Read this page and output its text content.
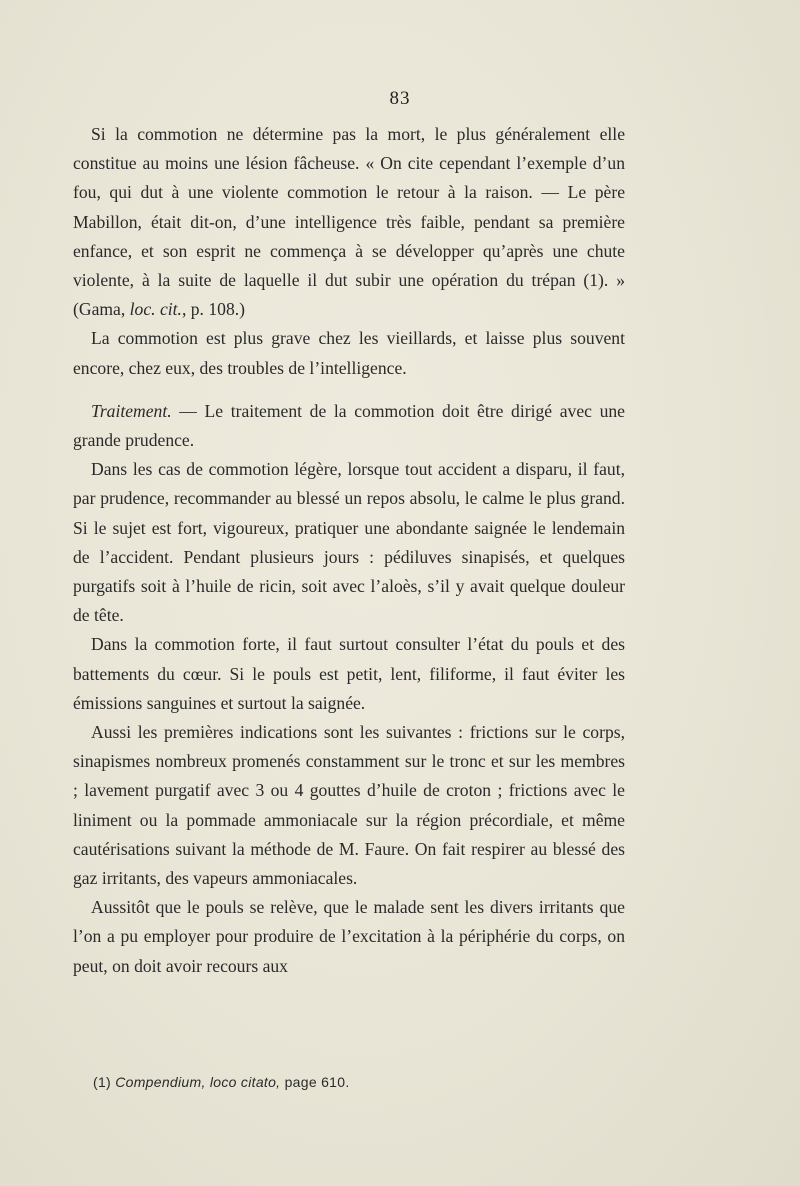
83

Si la commotion ne détermine pas la mort, le plus généralement elle constitue au moins une lésion fâcheuse. « On cite cependant l’exemple d’un fou, qui dut à une violente commotion le retour à la raison. — Le père Mabillon, était dit-on, d’une intelligence très faible, pendant sa première enfance, et son esprit ne commença à se développer qu’après une chute violente, à la suite de laquelle il dut subir une opération du trépan (1). » (Gama, loc. cit., p. 108.)

La commotion est plus grave chez les vieillards, et laisse plus souvent encore, chez eux, des troubles de l’intelligence.

Traitement. — Le traitement de la commotion doit être dirigé avec une grande prudence.

Dans les cas de commotion légère, lorsque tout accident a disparu, il faut, par prudence, recommander au blessé un repos absolu, le calme le plus grand. Si le sujet est fort, vigoureux, pratiquer une abondante saignée le lendemain de l’accident. Pendant plusieurs jours : pédiluves sinapisés, et quelques purgatifs soit à l’huile de ricin, soit avec l’aloès, s’il y avait quelque douleur de tête.

Dans la commotion forte, il faut surtout consulter l’état du pouls et des battements du cœur. Si le pouls est petit, lent, filiforme, il faut éviter les émissions sanguines et surtout la saignée.

Aussi les premières indications sont les suivantes : frictions sur le corps, sinapismes nombreux promenés constamment sur le tronc et sur les membres ; lavement purgatif avec 3 ou 4 gouttes d’huile de croton ; frictions avec le liniment ou la pommade ammoniacale sur la région précordiale, et même cautérisations suivant la méthode de M. Faure. On fait respirer au blessé des gaz irritants, des vapeurs ammoniacales.

Aussitôt que le pouls se relève, que le malade sent les divers irritants que l’on a pu employer pour produire de l’excitation à la périphérie du corps, on peut, on doit avoir recours aux

(1) Compendium, loco citato, page 610.
